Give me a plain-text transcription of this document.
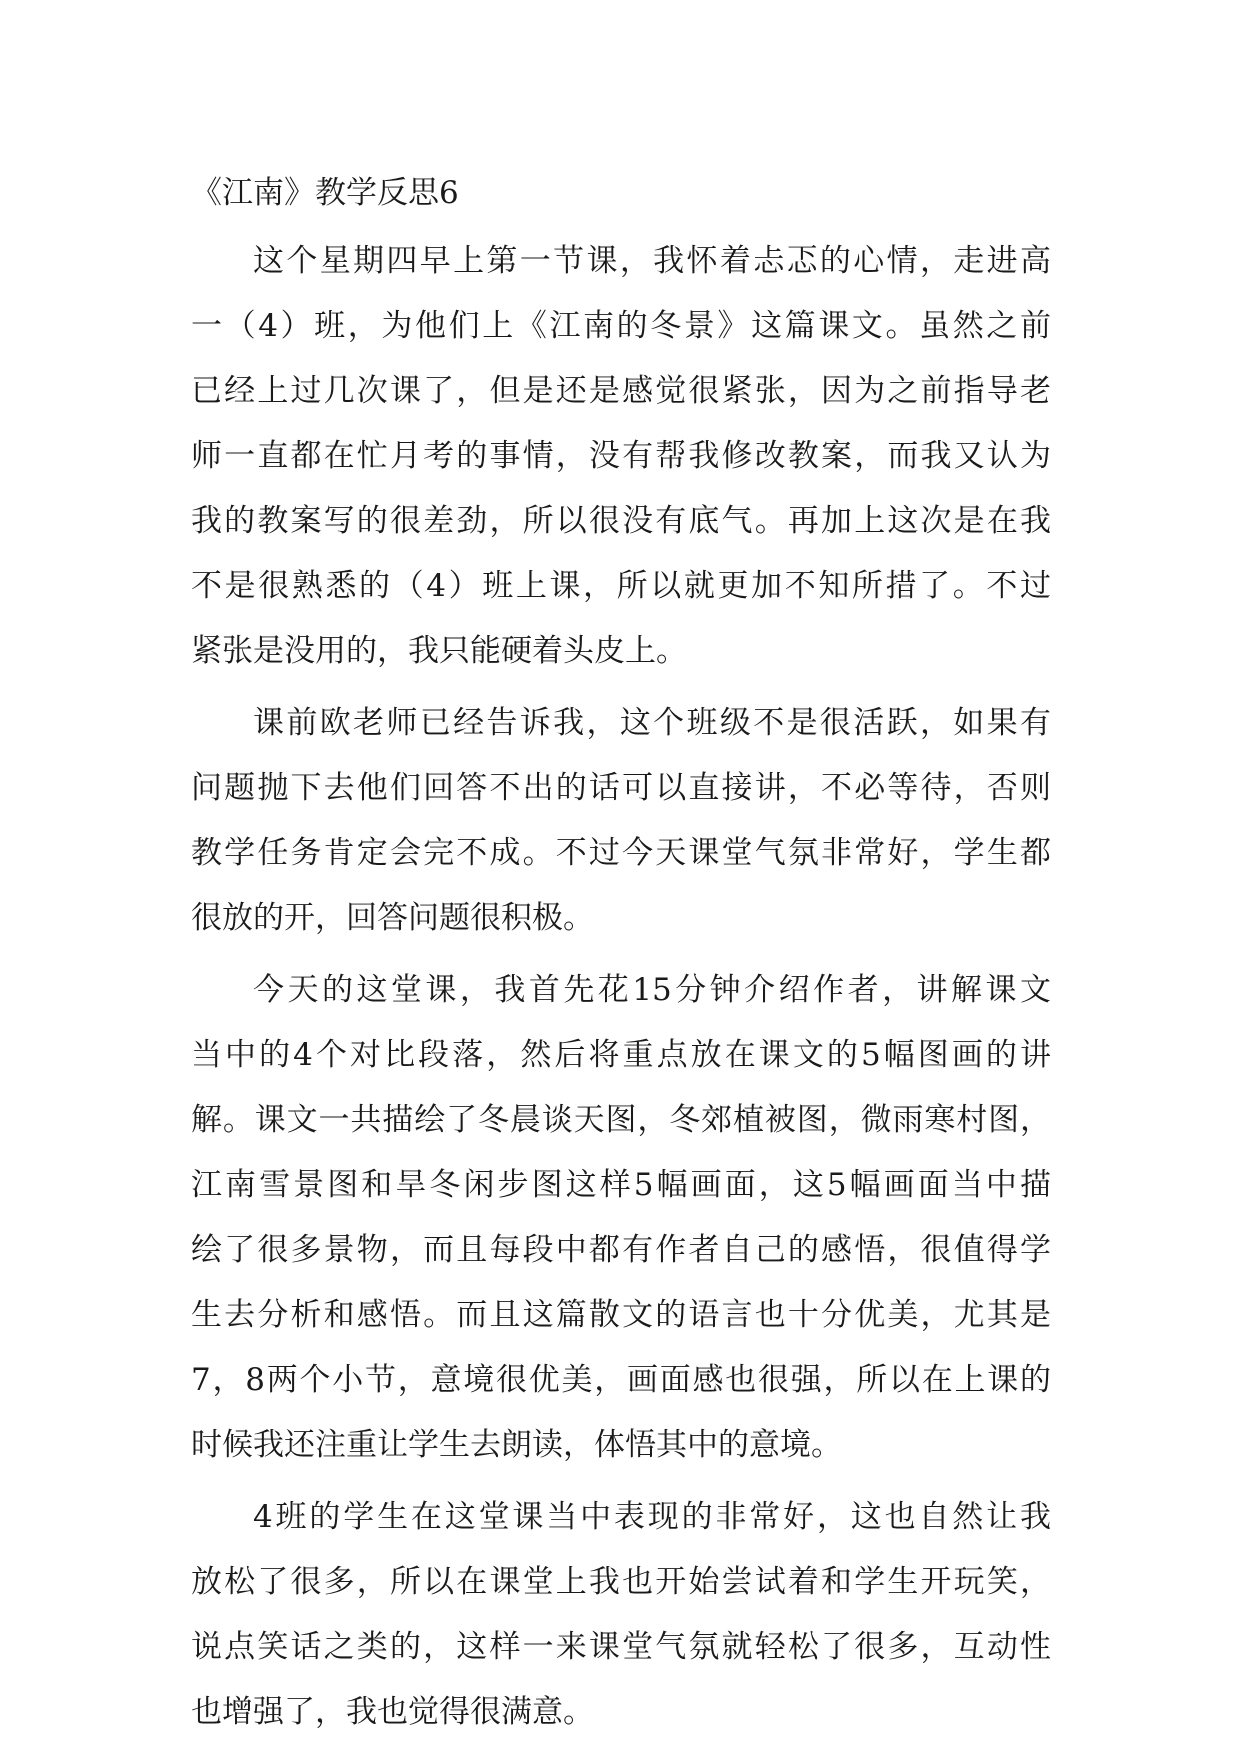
《江南》教学反思6
这个星期四早上第一节课，我怀着忐忑的心情，走进高
一（4）班，为他们上《江南的冬景》这篇课文。虽然之前
已经上过几次课了，但是还是感觉很紧张，因为之前指导老
师一直都在忙月考的事情，没有帮我修改教案，而我又认为
我的教案写的很差劲，所以很没有底气。再加上这次是在我
不是很熟悉的（4）班上课，所以就更加不知所措了。不过
紧张是没用的，我只能硬着头皮上。
课前欧老师已经告诉我，这个班级不是很活跃，如果有
问题抛下去他们回答不出的话可以直接讲，不必等待，否则
教学任务肯定会完不成。不过今天课堂气氛非常好，学生都
很放的开，回答问题很积极。
今天的这堂课，我首先花15分钟介绍作者，讲解课文
当中的4个对比段落，然后将重点放在课文的5幅图画的讲
解。课文一共描绘了冬晨谈天图，冬郊植被图，微雨寒村图，
江南雪景图和旱冬闲步图这样5幅画面，这5幅画面当中描
绘了很多景物，而且每段中都有作者自己的感悟，很值得学
生去分析和感悟。而且这篇散文的语言也十分优美，尤其是
7，8两个小节，意境很优美，画面感也很强，所以在上课的
时候我还注重让学生去朗读，体悟其中的意境。
4班的学生在这堂课当中表现的非常好，这也自然让我
放松了很多，所以在课堂上我也开始尝试着和学生开玩笑，
说点笑话之类的，这样一来课堂气氛就轻松了很多，互动性
也增强了，我也觉得很满意。
